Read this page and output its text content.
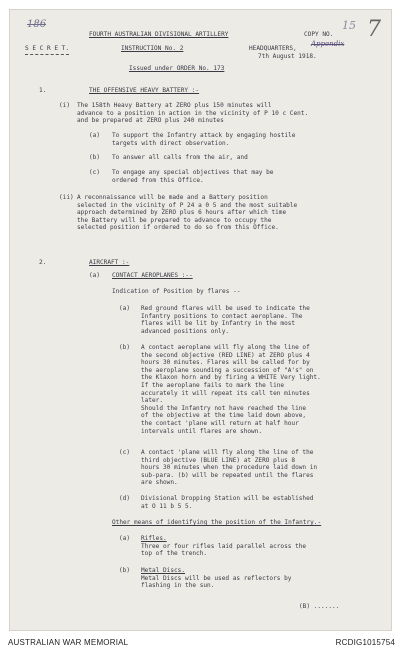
186	15 7
FOURTH AUSTRALIAN DIVISIONAL ARTILLERY	COPY NO.
Appendix
S E C R E T.	INSTRUCTION No. 2	HEADQUARTERS,
7th August 1918.
Issued under ORDER No. 173
1.	THE OFFENSIVE HEAVY BATTERY :-
(i) The 158th Heavy Battery at ZERO plus 150 minutes will
advance to a position in action in the vicinity of P 10 c Cent.
and be prepared at ZERO plus 240 minutes
(a) To support the Infantry attack by engaging hostile
targets with direct observation.
(b) To answer all calls from the air, and
(c) To engage any special objectives that may be
ordered from this Office.
(ii) A reconnaissance will be made and a Battery position
selected in the vicinity of P 24 a 0 5 and the most suitable
approach determined by ZERO plus 6 hours after which time
the Battery will be prepared to advance to occupy the
selected position if ordered to do so from this Office.
2.	AIRCRAFT :-
(a) CONTACT AEROPLANES :--
Indication of Position by flares --
(a) Red ground flares will be used to indicate the
Infantry positions to contact aeroplane. The
flares will be lit by Infantry in the most
advanced positions only.
(b) A contact aeroplane will fly along the line of
the second objective (RED LINE) at ZERO plus 4
hours 30 minutes. Flares will be called for by
the aeroplane sounding a succession of "A's" on
the Klaxon horn and by firing a WHITE Very light.
If the aeroplane fails to mark the line
accurately it will repeat its call ten minutes
later.
Should the Infantry not have reached the line
of the objective at the time laid down above,
the contact 'plane will return at half hour
intervals until flares are shown.
(c) A contact 'plane will fly along the line of the
third objective (BLUE LINE) at ZERO plus 8
hours 30 minutes when the procedure laid down in
sub-para. (b) will be repeated until the flares
are shown.
(d) Divisional Dropping Station will be established
at O 11 b 5 5.
Other means of identifying the position of the Infantry.-
(a) Rifles.
Three or four rifles laid parallel across the
top of the trench.
(b) Metal Discs.
Metal Discs will be used as reflectors by
flashing in the sun.
(B) .......
AUSTRALIAN WAR MEMORIAL	RCDIG1015754
